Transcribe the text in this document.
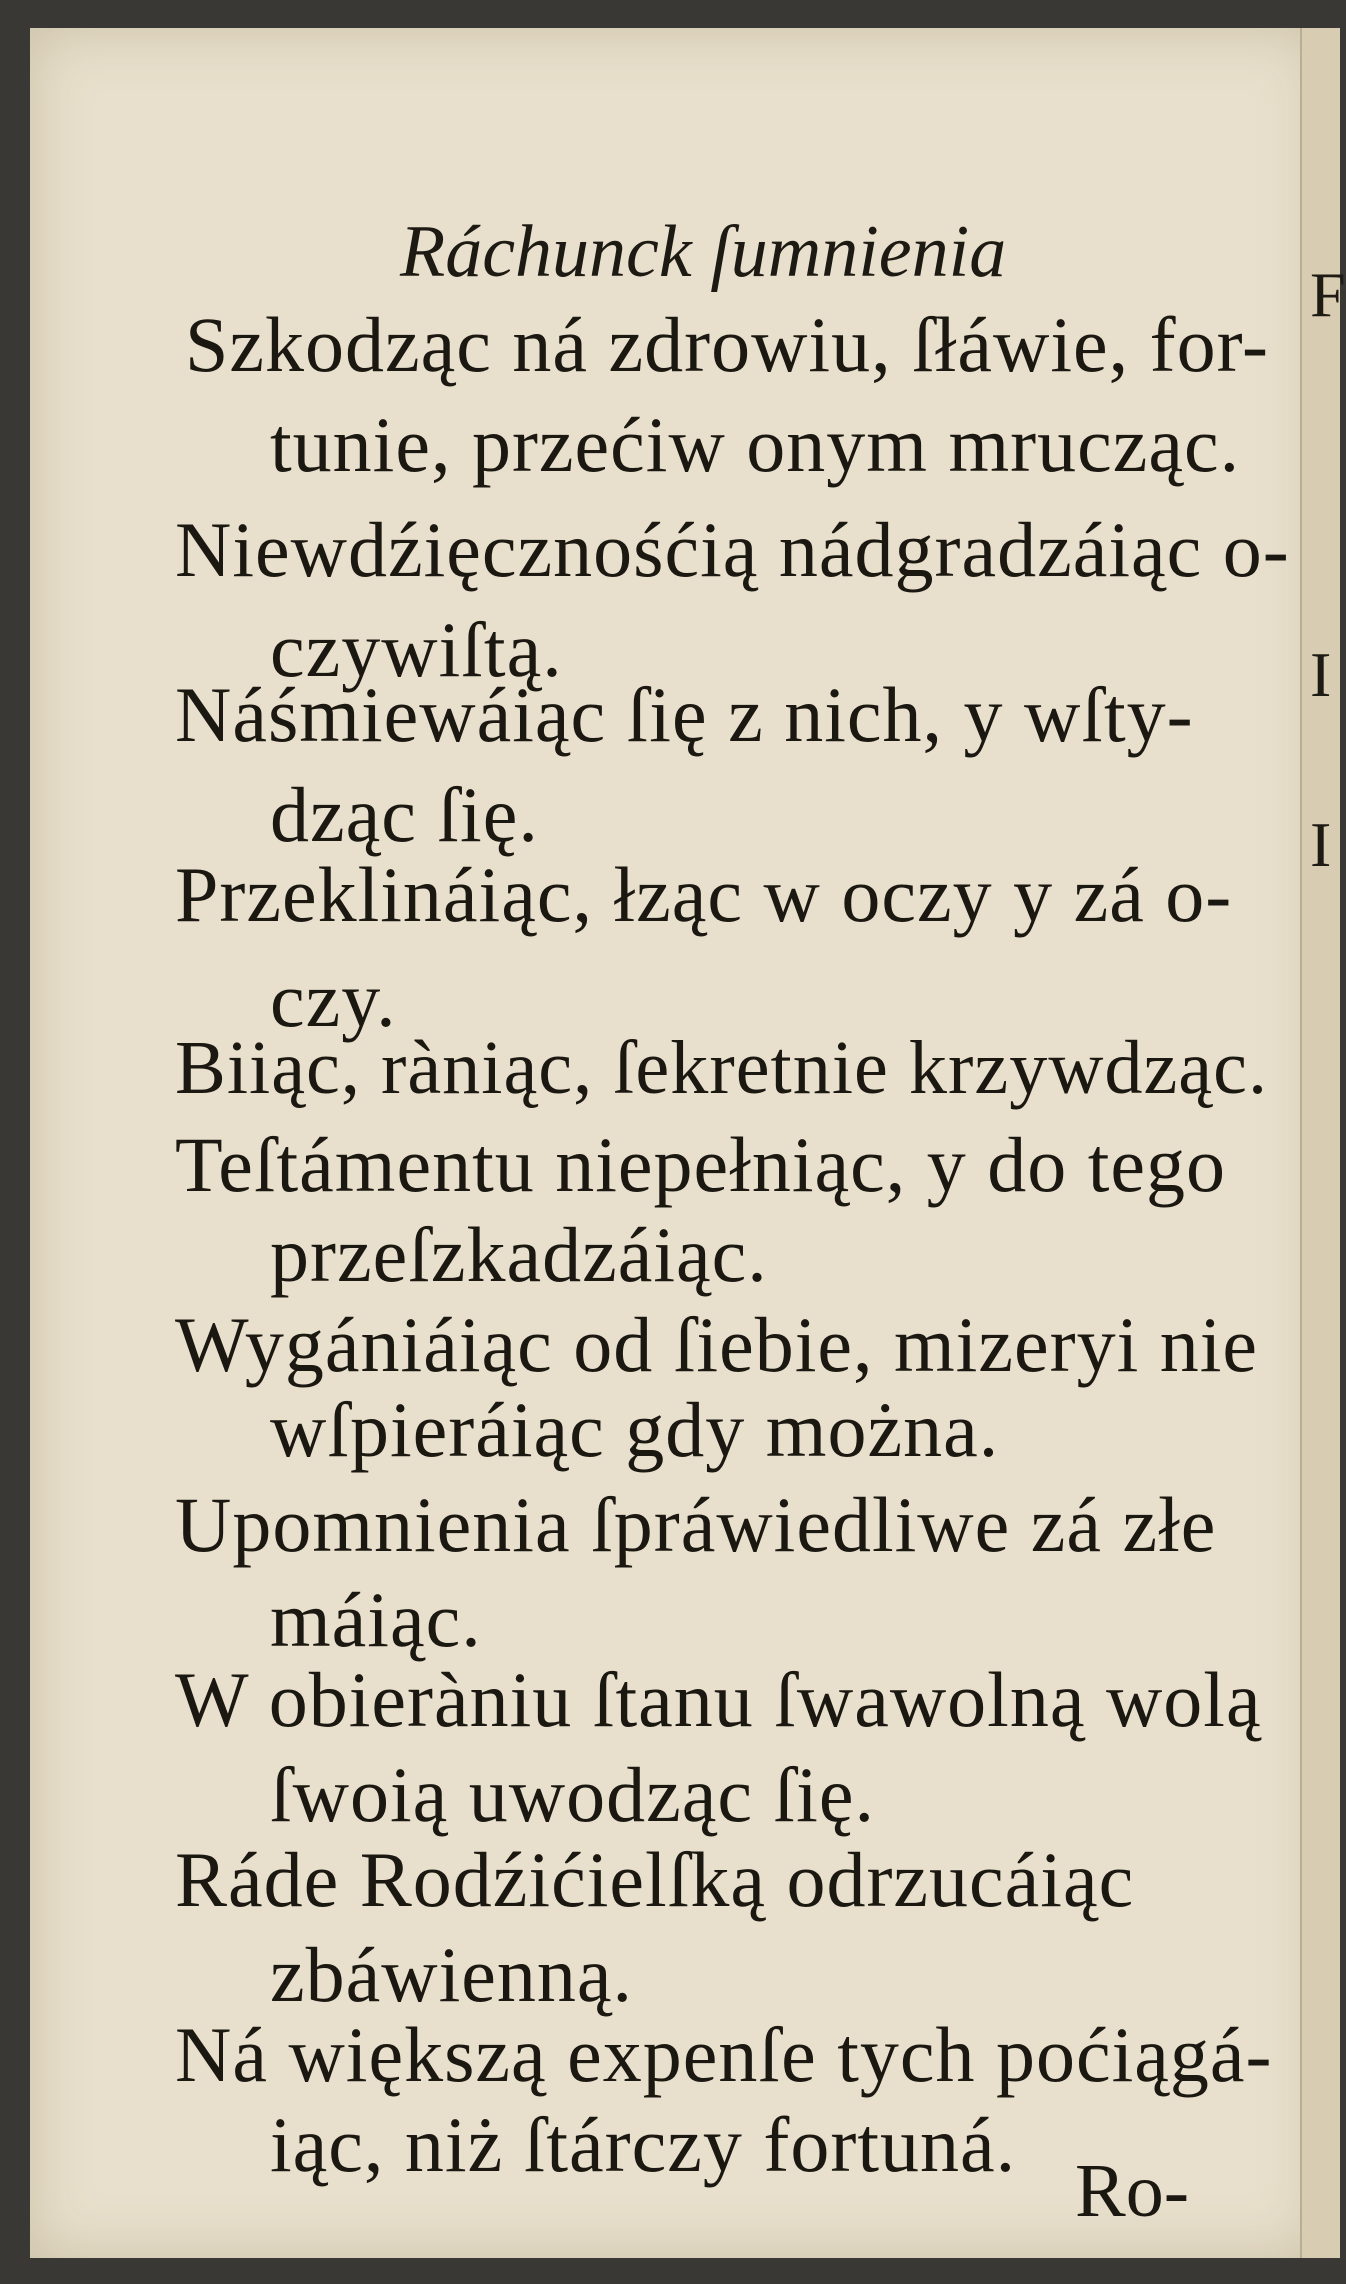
F
I
I
Ráchunck ſumnienia
Szkodząc ná zdrowiu, ſłáwie, for-
tunie, przećiw onym mrucząc.
Niewdźięcznośćią nádgradzáiąc o-
czywiſtą.
Náśmiewáiąc ſię z nich, y wſty-
dząc ſię.
Przeklináiąc, łząc w oczy y zá o-
czy.
Biiąc, ràniąc, ſekretnie krzywdząc.
Teſtámentu niepełniąc, y do tego
przeſzkadzáiąc.
Wygániáiąc od ſiebie, mizeryi nie
wſpieráiąc gdy można.
Upomnienia ſpráwiedliwe zá złe
máiąc.
W obieràniu ſtanu ſwawolną wolą
ſwoią uwodząc ſię.
Ráde Rodźićielſką odrzucáiąc
zbáwienną.
Ná większą expenſe tych poćiągá-
iąc, niż ſtárczy fortuná.
Ro-
